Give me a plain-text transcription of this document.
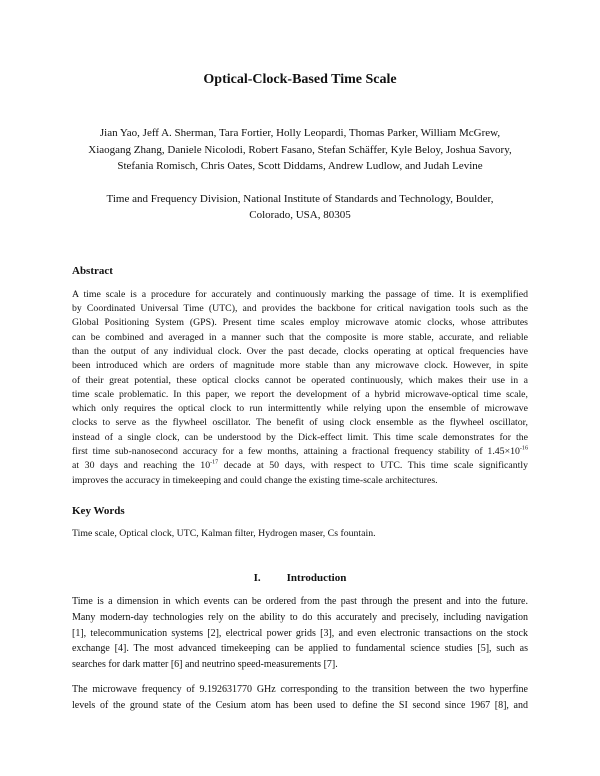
Optical-Clock-Based Time Scale
Jian Yao, Jeff A. Sherman, Tara Fortier, Holly Leopardi, Thomas Parker, William McGrew,
Xiaogang Zhang, Daniele Nicolodi, Robert Fasano, Stefan Schäffer, Kyle Beloy, Joshua Savory,
Stefania Romisch, Chris Oates, Scott Diddams, Andrew Ludlow, and Judah Levine
Time and Frequency Division, National Institute of Standards and Technology, Boulder,
Colorado, USA, 80305
Abstract
A time scale is a procedure for accurately and continuously marking the passage of time. It is exemplified
by Coordinated Universal Time (UTC), and provides the backbone for critical navigation tools such as the
Global Positioning System (GPS). Present time scales employ microwave atomic clocks, whose attributes
can be combined and averaged in a manner such that the composite is more stable, accurate, and reliable
than the output of any individual clock. Over the past decade, clocks operating at optical frequencies have
been introduced which are orders of magnitude more stable than any microwave clock. However, in spite
of their great potential, these optical clocks cannot be operated continuously, which makes their use in a
time scale problematic. In this paper, we report the development of a hybrid microwave-optical time scale,
which only requires the optical clock to run intermittently while relying upon the ensemble of microwave
clocks to serve as the flywheel oscillator. The benefit of using clock ensemble as the flywheel oscillator,
instead of a single clock, can be understood by the Dick-effect limit. This time scale demonstrates for the
first time sub-nanosecond accuracy for a few months, attaining a fractional frequency stability of $1.45\times 10^{-16}$
at 30 days and reaching the $10^{-17}$ decade at 50 days, with respect to UTC. This time scale significantly
improves the accuracy in timekeeping and could change the existing time-scale architectures.
Key Words
Time scale, Optical clock, UTC, Kalman filter, Hydrogen maser, Cs fountain.
I. Introduction
Time is a dimension in which events can be ordered from the past through the present and into the future.
Many modern-day technologies rely on the ability to do this accurately and precisely, including navigation
[1], telecommunication systems [2], electrical power grids [3], and even electronic transactions on the stock
exchange [4]. The most advanced timekeeping can be applied to fundamental science studies [5], such as
searches for dark matter [6] and neutrino speed-measurements [7].
The microwave frequency of 9.192631770 GHz corresponding to the transition between the two hyperfine
levels of the ground state of the Cesium atom has been used to define the SI second since 1967 [8], and
